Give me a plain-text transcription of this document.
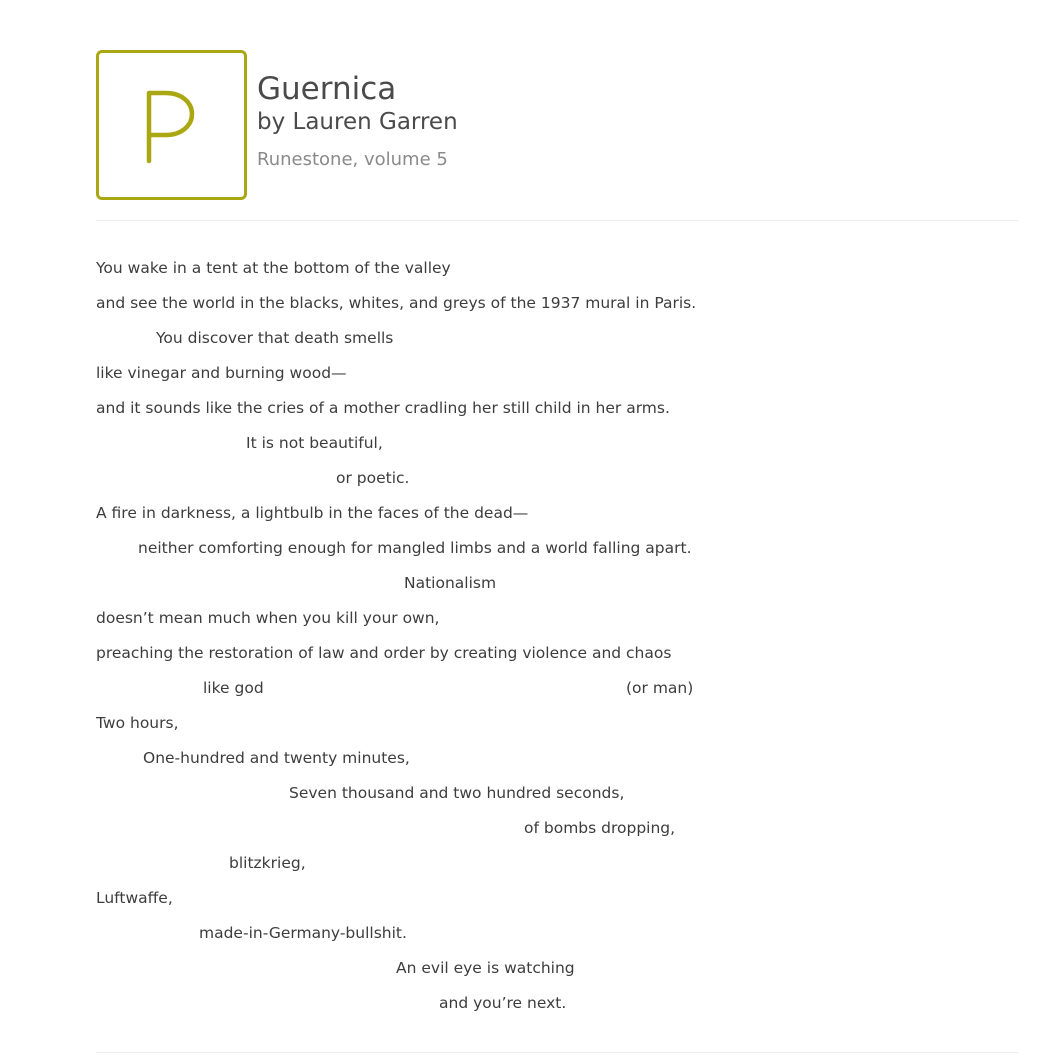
Guernica
by Lauren Garren
Runestone, volume 5
You wake in a tent at the bottom of the valley
and see the world in the blacks, whites, and greys of the 1937 mural in Paris.
You discover that death smells
like vinegar and burning wood—
and it sounds like the cries of a mother cradling her still child in her arms.
It is not beautiful,
or poetic.
A fire in darkness, a lightbulb in the faces of the dead—
neither comforting enough for mangled limbs and a world falling apart.
Nationalism
doesn’t mean much when you kill your own,
preaching the restoration of law and order by creating violence and chaos
like god	(or man)
Two hours,
One-hundred and twenty minutes,
Seven thousand and two hundred seconds,
of bombs dropping,
blitzkrieg,
Luftwaffe,
made-in-Germany-bullshit.
An evil eye is watching
and you’re next.
